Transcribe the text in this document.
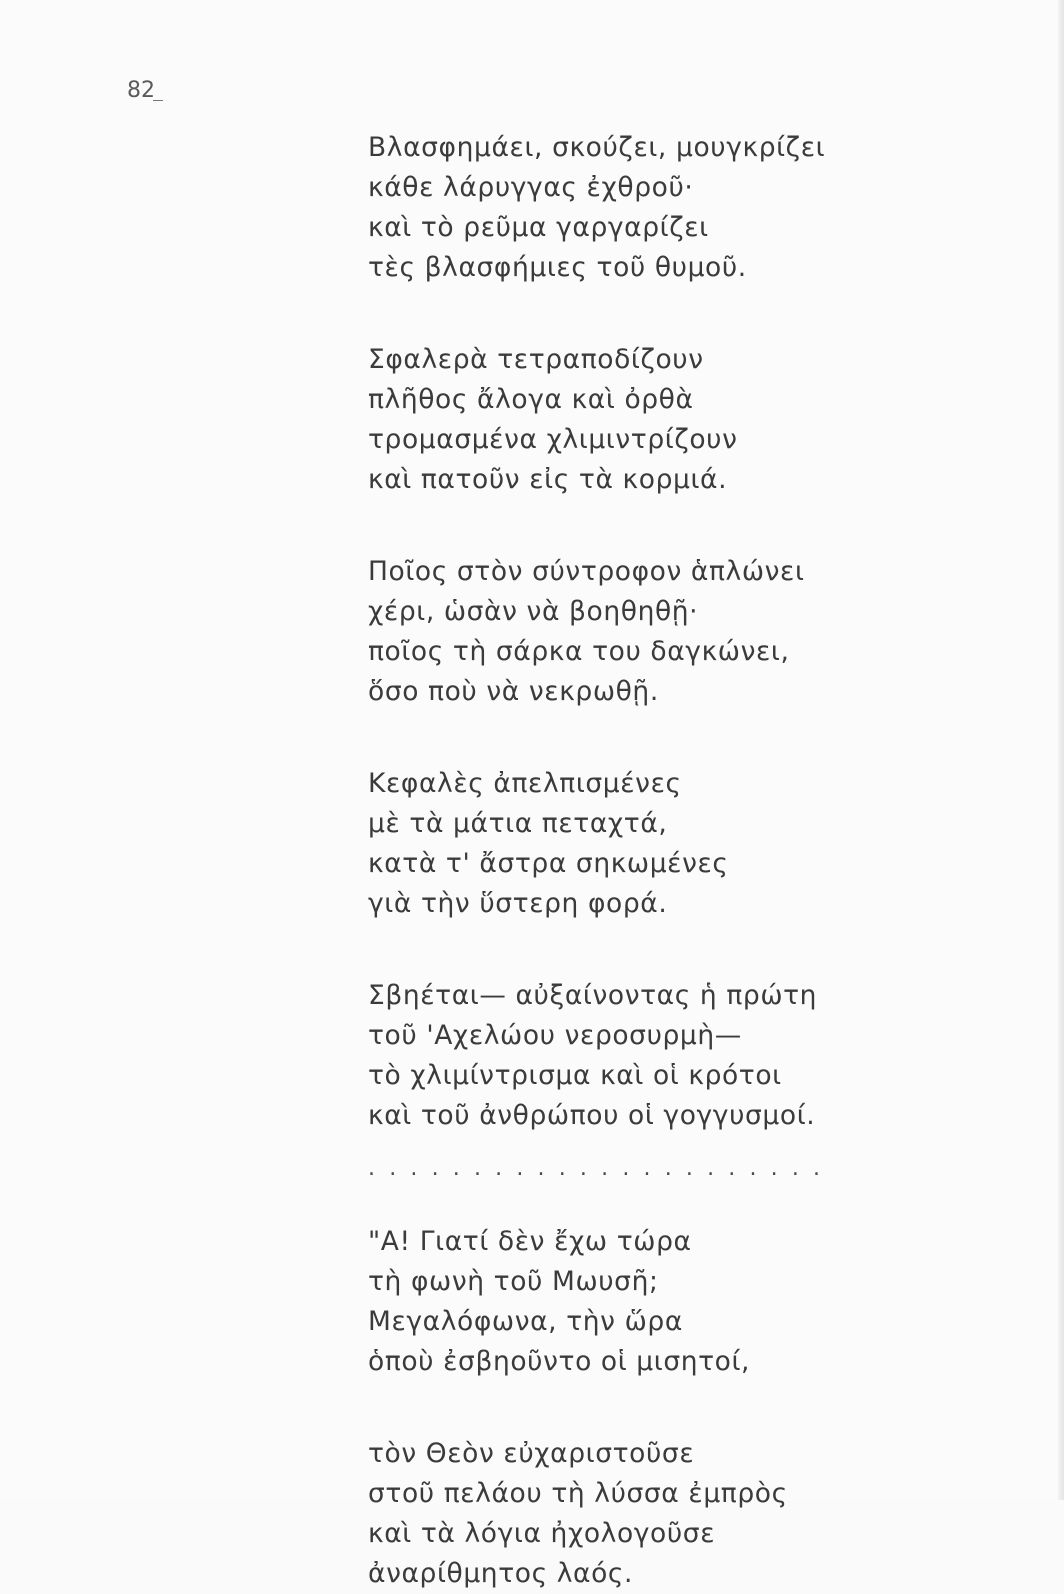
82
Βλασφημάει, σκούζει, μουγκρίζει
κάθε λάρυγγας ἐχθροῦ·
καὶ τὸ ρεῦμα γαργαρίζει
τὲς βλασφήμιες τοῦ θυμοῦ.
Σφαλερὰ τετραποδίζουν
πλῆθος ἄλογα καὶ ὀρθὰ
τρομασμένα χλιμιντρίζουν
καὶ πατοῦν εἰς τὰ κορμιά.
Ποῖος στὸν σύντροφον ἁπλώνει
χέρι, ὡσὰν νὰ βοηθηθῇ·
ποῖος τὴ σάρκα του δαγκώνει,
ὅσο ποὺ νὰ νεκρωθῇ.
Κεφαλὲς ἀπελπισμένες
μὲ τὰ μάτια πεταχτά,
κατὰ τ' ἄστρα σηκωμένες
γιὰ τὴν ὕστερη φορά.
Σβηέται— αὐξαίνοντας ἡ πρώτη
τοῦ 'Αχελώου νεροσυρμὴ—
τὸ χλιμίντρισμα καὶ οἱ κρότοι
καὶ τοῦ ἀνθρώπου οἱ γογγυσμοί.
......................
"Α! Γιατί δὲν ἔχω τώρα
τὴ φωνὴ τοῦ Μωυσῆ;
Μεγαλόφωνα, τὴν ὥρα
ὁποὺ ἐσβηοῦντο οἱ μισητοί,
τὸν Θεὸν εὐχαριστοῦσε
στοῦ πελάου τὴ λύσσα ἐμπρὸς
καὶ τὰ λόγια ἠχολογοῦσε
ἀναρίθμητος λαός.
